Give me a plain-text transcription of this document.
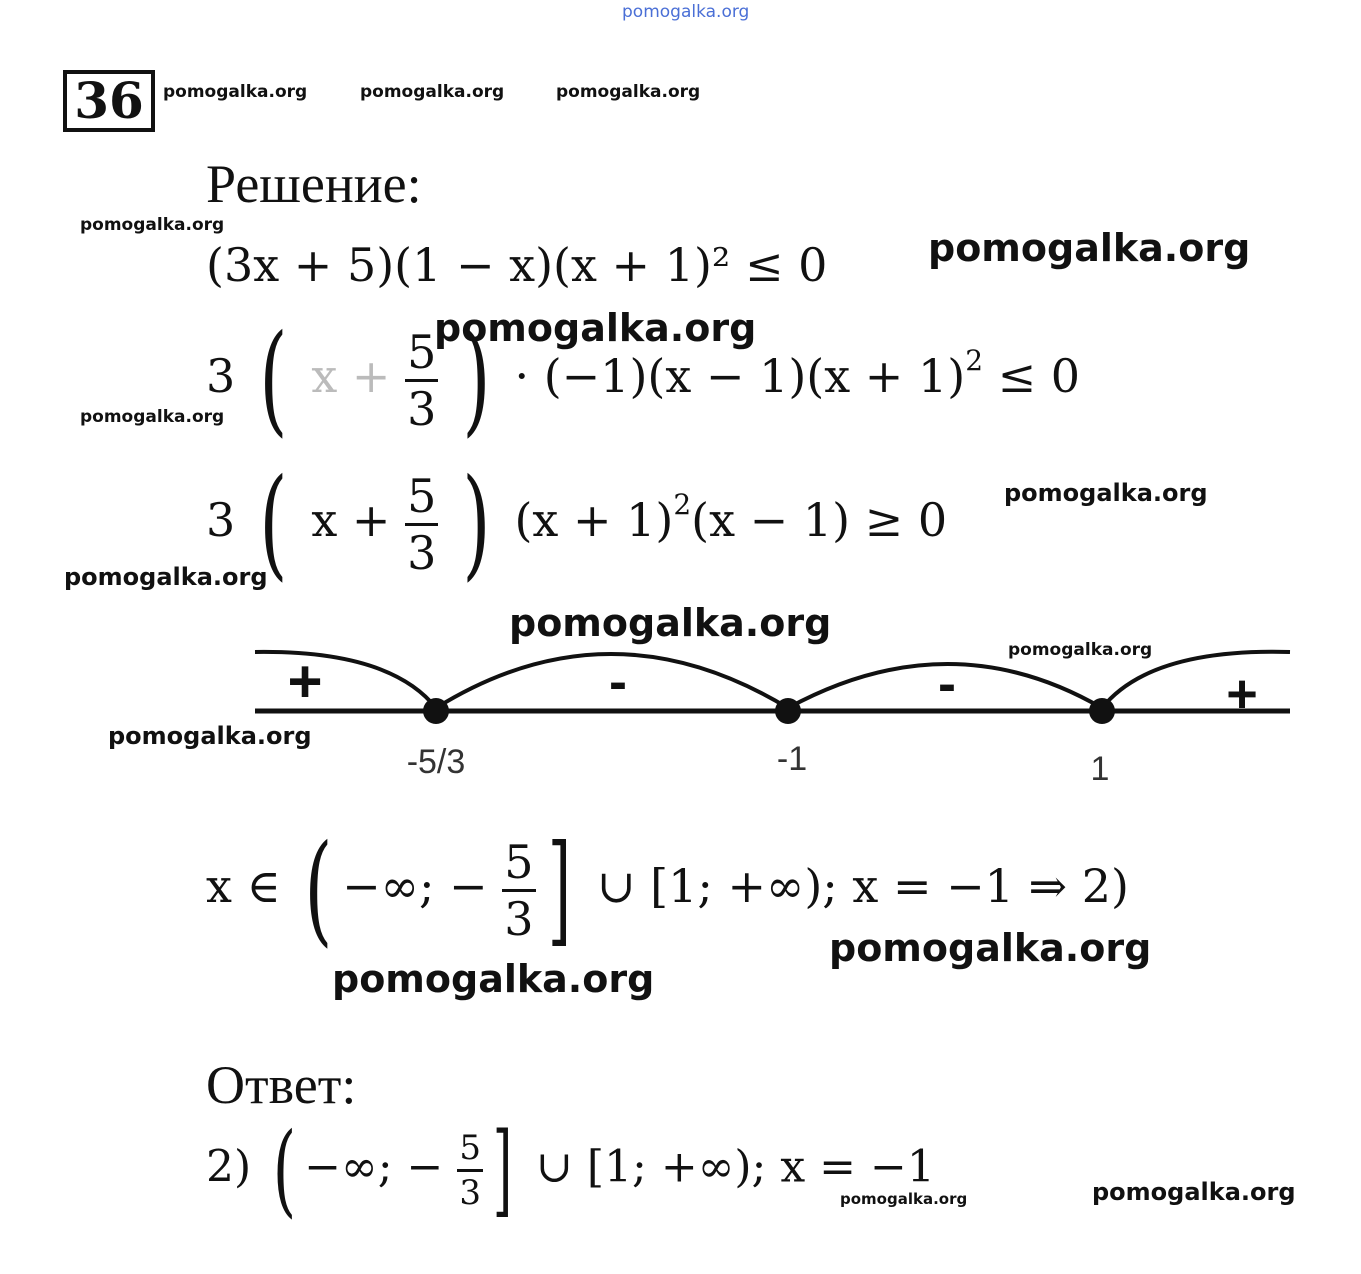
pomogalka.org
pomogalka.org	pomogalka.org	pomogalka.org
pomogalka.org
pomogalka.org
pomogalka.org
pomogalka.org
pomogalka.org
pomogalka.org
pomogalka.org
pomogalka.org
pomogalka.org
pomogalka.org
pomogalka.org
pomogalka.org
36
Решение:
(3x + 5)(1 − x)(x + 1)² ≤ 0
3 ( $x + \frac{5}{3}$ ) · $(-1)(x - 1)(x + 1)^2 \le 0$
3 ( $x + \frac{5}{3}$ ) $(x + 1)^2(x - 1) \ge 0$
-5/3	-1	1
+	-	-	+
x ∈ ( −∞; − $\frac{5}{3}$ ] ∪ [1; +∞); x = −1 ⇒ 2)
Ответ:
2) ( −∞; − $\frac{5}{3}$ ] ∪ [1; +∞); x = −1
pomogalka.org
